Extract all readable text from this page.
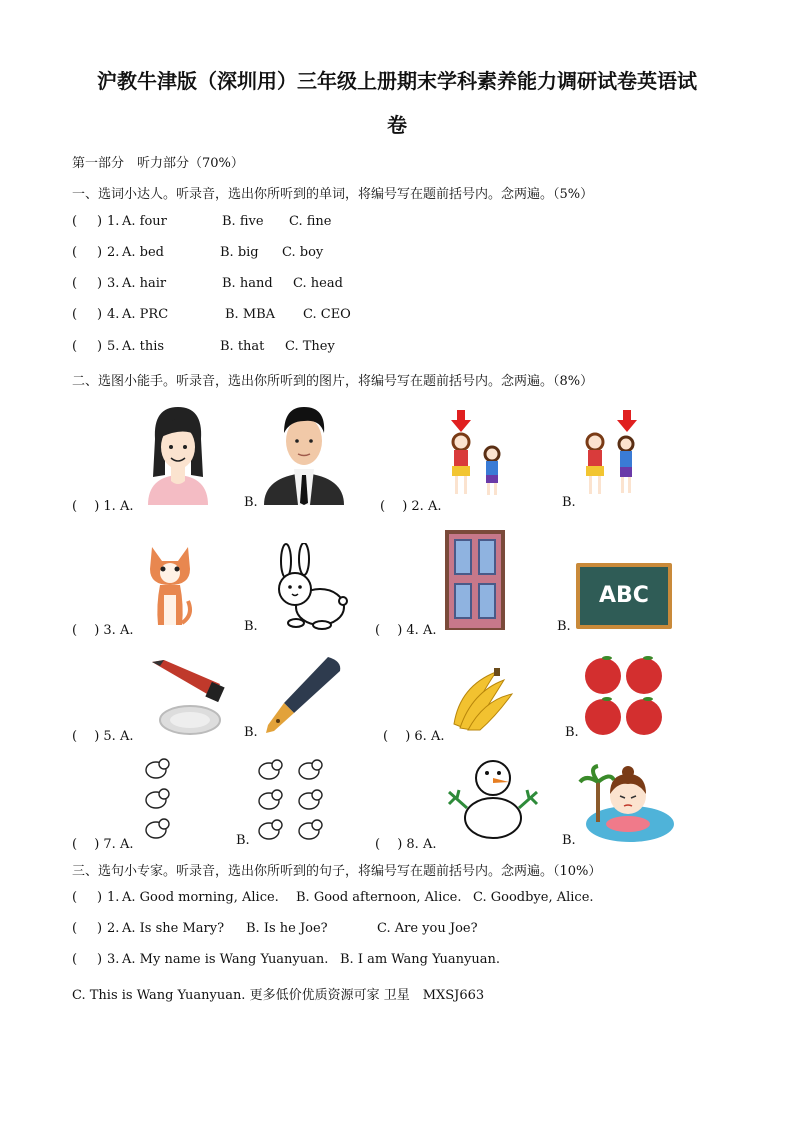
沪教牛津版（深圳用）三年级上册期末学科素养能力调研试卷英语试
卷
第一部分　听力部分（70%）
一、选词小达人。听录音，选出你所听到的单词，将编号写在题前括号内。念两遍。（5%）
( ) 1. A. four	B. five C. fine
( ) 2. A. bed	B. big C. boy
( ) 3. A. hair	B. hand C. head
( ) 4. A. PRC	B. MBA C. CEO
( ) 5. A. this	B. that C. They
二、选图小能手。听录音，选出你所听到的图片，将编号写在题前括号内。念两遍。（8%）
(　 ) 1. A.	B.	(　 ) 2. A.	B.
(　 ) 3. A.	B.	(　 ) 4. A.	B.
ABC
(　 ) 5. A.	B.	(　 ) 6. A.	B.
(　 ) 7. A.	B.	(　 ) 8. A.	B.
三、选句小专家。听录音，选出你所听到的句子，将编号写在题前括号内。念两遍。（10%）
( ) 1. A. Good morning, Alice. B. Good afternoon, Alice. C. Goodbye, Alice.
( ) 2. A. Is she Mary? B. Is he Joe?	C. Are you Joe?
( ) 3. A. My name is Wang Yuanyuan. B. I am Wang Yuanyuan.
C. This is Wang Yuanyuan. 更多低价优质资源可家 卫星　MXSJ663
